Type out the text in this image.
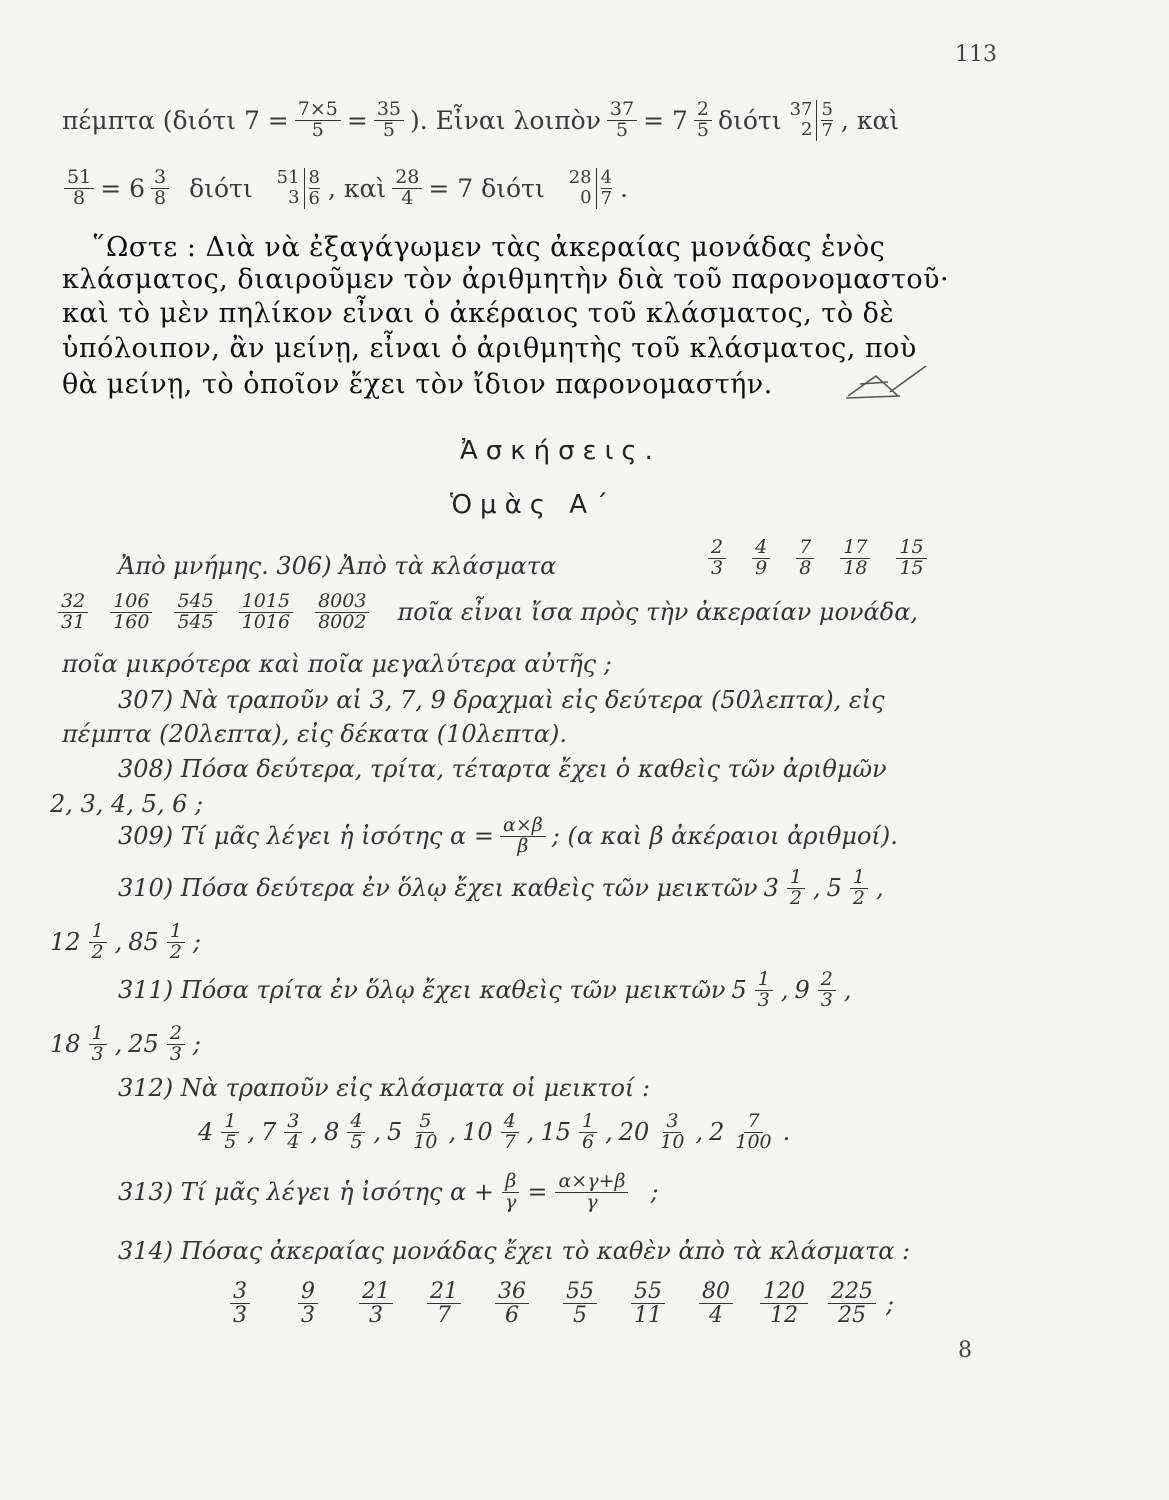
113
πέμπτα (διότι $7 = \frac{7\times 5}{5} = \frac{35}{5}$ ). Εἶναι λοιπὸν $\frac{37}{5} = 7 \frac{2}{5}$ διότι 37
2
5
7 , καὶ
$\frac{51}{8} = 6 \frac{3}{8}$ διότι 51
3
8
6 , καὶ $\frac{28}{4} = 7$ διότι 28
0
4
7 .
῞Ωστε : Διὰ νὰ ἐξαγάγωμεν τὰς ἀκεραίας μονάδας ἑνὸς
κλάσματος, διαιροῦμεν τὸν ἀριθμητὴν διὰ τοῦ παρονομαστοῦ·
καὶ τὸ μὲν πηλίκον εἶναι ὁ ἀκέραιος τοῦ κλάσματος, τὸ δὲ
ὑπόλοιπον, ἂν μείνῃ, εἶναι ὁ ἀριθμητὴς τοῦ κλάσματος, ποὺ
θὰ μείνῃ, τὸ ὁποῖον ἔχει τὸν ἴδιον παρονομαστήν.
Ἀσκήσεις.
Ὁμὰς Α΄
Ἀπὸ μνήμης. 306) Ἀπὸ τὰ κλάσματα	$\frac{2}{3} \frac{4}{9} \frac{7}{8} \frac{17}{18} \frac{15}{15}$
$\frac{32}{31} \frac{106}{160} \frac{545}{545} \frac{1015}{1016} \frac{8003}{8002}$ ποῖα εἶναι ἴσα πρὸς τὴν ἀκεραίαν μονάδα,
ποῖα μικρότερα καὶ ποῖα μεγαλύτερα αὐτῆς ;
307) Νὰ τραποῦν αἱ 3, 7, 9 δραχμαὶ εἰς δεύτερα (50λεπτα), εἰς
πέμπτα (20λεπτα), εἰς δέκατα (10λεπτα).
308) Πόσα δεύτερα, τρίτα, τέταρτα ἔχει ὁ καθεὶς τῶν ἀριθμῶν
2, 3, 4, 5, 6 ;
309) Τί μᾶς λέγει ἡ ἰσότης $\alpha = \frac{\alpha\times\beta}{\beta}$ ; (α καὶ β ἀκέραιοι ἀριθμοί).
310) Πόσα δεύτερα ἐν ὅλῳ ἔχει καθεὶς τῶν μεικτῶν $3 \frac{1}{2}$ , $5 \frac{1}{2}$ ,
$12 \frac{1}{2}$ , $85 \frac{1}{2}$ ;
311) Πόσα τρίτα ἐν ὅλῳ ἔχει καθεὶς τῶν μεικτῶν $5 \frac{1}{3}$ , $9 \frac{2}{3}$ ,
$18 \frac{1}{3}$ , $25 \frac{2}{3}$ ;
312) Νὰ τραποῦν εἰς κλάσματα οἱ μεικτοί :
$4 \frac{1}{5}$ , $7 \frac{3}{4}$ , $8 \frac{4}{5}$ , $5 \frac{5}{10}$ , $10 \frac{4}{7}$ , $15 \frac{1}{6}$ , $20 \frac{3}{10}$ , $2 \frac{7}{100}$ .
313) Τί μᾶς λέγει ἡ ἰσότης $\alpha + \frac{\beta}{\gamma} = \frac{\alpha\times\gamma+\beta}{\gamma}$ ;
314) Πόσας ἀκεραίας μονάδας ἔχει τὸ καθὲν ἀπὸ τὰ κλάσματα :
$\frac{3}{3} \frac{9}{3} \frac{21}{3} \frac{21}{7} \frac{36}{6} \frac{55}{5} \frac{55}{11} \frac{80}{4} \frac{120}{12} \frac{225}{25}$ ;
8
